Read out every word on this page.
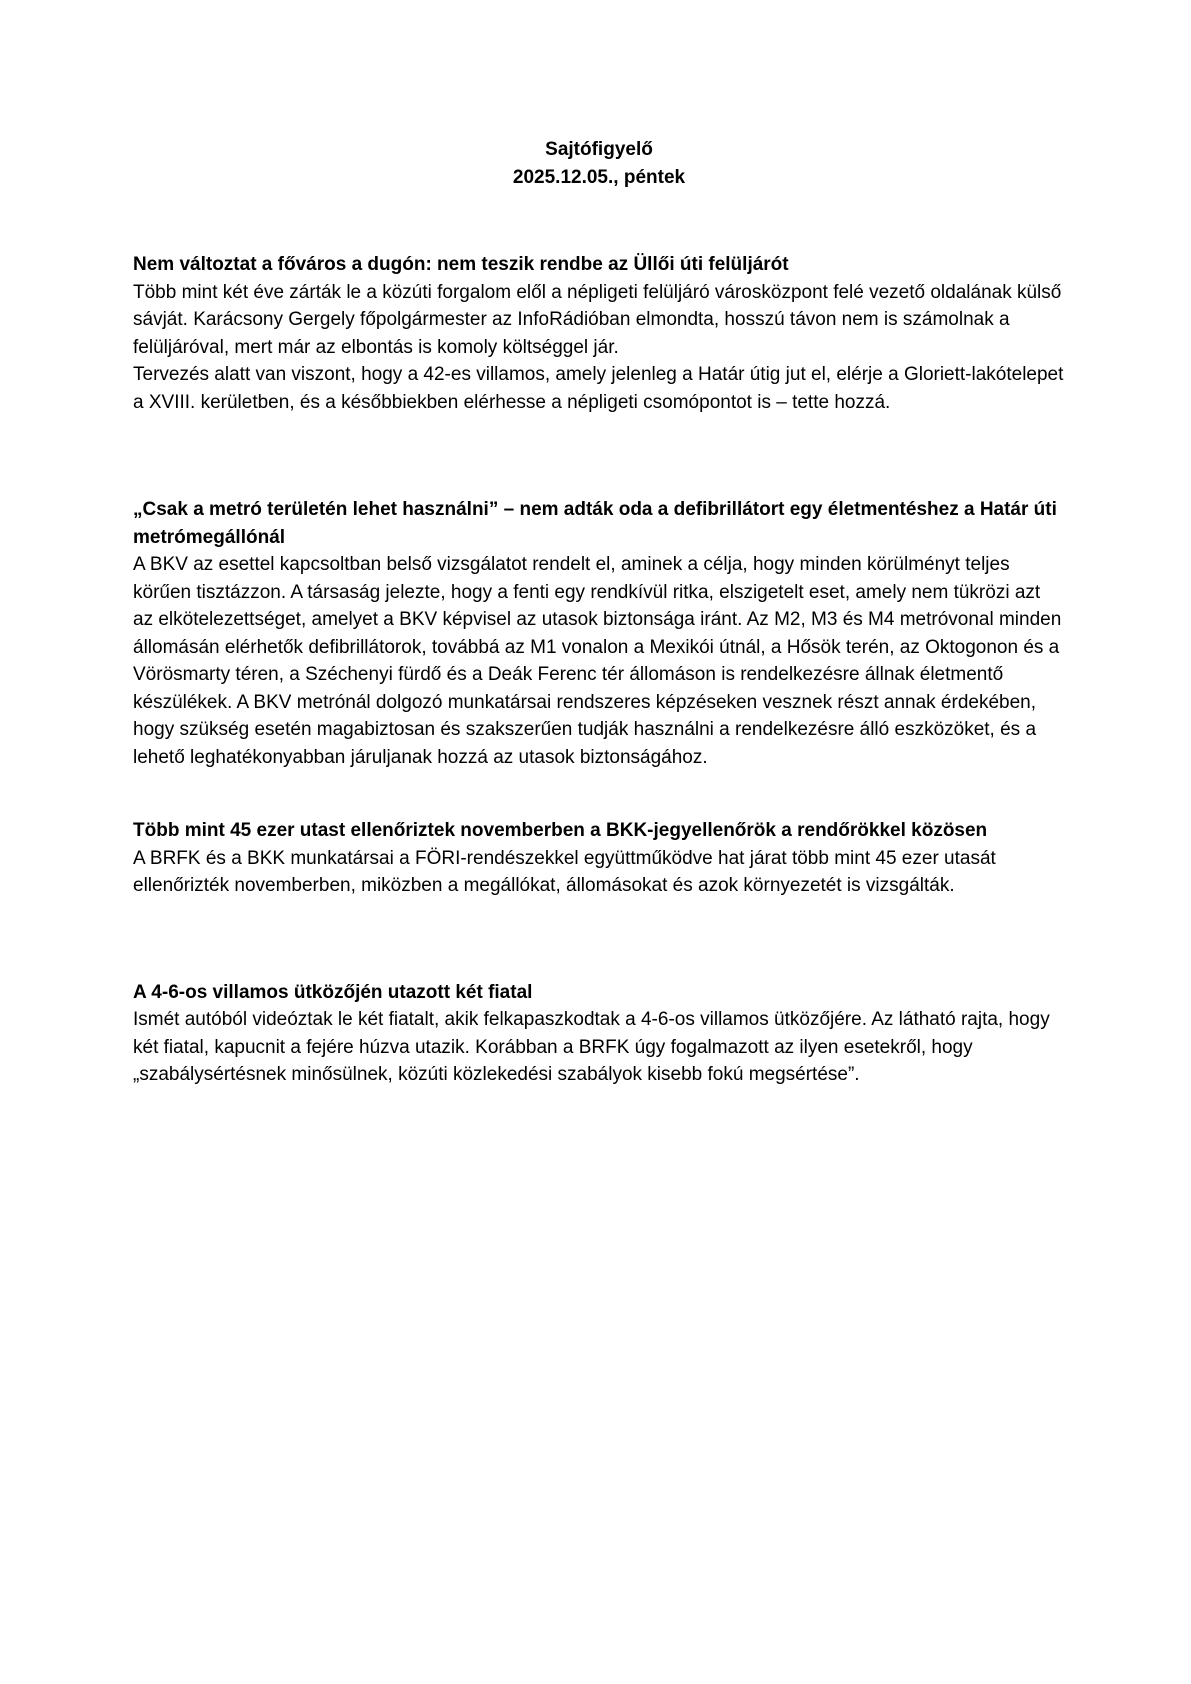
Sajtófigyelő
2025.12.05., péntek
Nem változtat a főváros a dugón: nem teszik rendbe az Üllői úti felüljárót

Több mint két éve zárták le a közúti forgalom elől a népligeti felüljáró városközpont felé vezető oldalának külső sávját. Karácsony Gergely főpolgármester az InfoRádióban elmondta, hosszú távon nem is számolnak a felüljáróval, mert már az elbontás is komoly költséggel jár.

Tervezés alatt van viszont, hogy a 42-es villamos, amely jelenleg a Határ útig jut el, elérje a Gloriett-lakótelepet a XVIII. kerületben, és a későbbiekben elérhesse a népligeti csomópontot is – tette hozzá.

„Csak a metró területén lehet használni” – nem adták oda a defibrillátort egy életmentéshez a Határ úti metrómegállónál

A BKV az esettel kapcsoltban belső vizsgálatot rendelt el, aminek a célja, hogy minden körülményt teljes körűen tisztázzon. A társaság jelezte, hogy a fenti egy rendkívül ritka, elszigetelt eset, amely nem tükrözi azt az elkötelezettséget, amelyet a BKV képvisel az utasok biztonsága iránt. Az M2, M3 és M4 metróvonal minden állomásán elérhetők defibrillátorok, továbbá az M1 vonalon a Mexikói útnál, a Hősök terén, az Oktogonon és a Vörösmarty téren, a Széchenyi fürdő és a Deák Ferenc tér állomáson is rendelkezésre állnak életmentő készülékek. A BKV metrónál dolgozó munkatársai rendszeres képzéseken vesznek részt annak érdekében, hogy szükség esetén magabiztosan és szakszerűen tudják használni a rendelkezésre álló eszközöket, és a lehető leghatékonyabban járuljanak hozzá az utasok biztonságához.

Több mint 45 ezer utast ellenőriztek novemberben a BKK-jegyellenőrök a rendőrökkel közösen

A BRFK és a BKK munkatársai a FÖRI-rendészekkel együttműködve hat járat több mint 45 ezer utasát ellenőrizték novemberben, miközben a megállókat, állomásokat és azok környezetét is vizsgálták.

A 4-6-os villamos ütközőjén utazott két fiatal

Ismét autóból videóztak le két fiatalt, akik felkapaszkodtak a 4-6-os villamos ütközőjére. Az látható rajta, hogy két fiatal, kapucnit a fejére húzva utazik. Korábban a BRFK úgy fogalmazott az ilyen esetekről, hogy „szabálysértésnek minősülnek, közúti közlekedési szabályok kisebb fokú megsértése”.
